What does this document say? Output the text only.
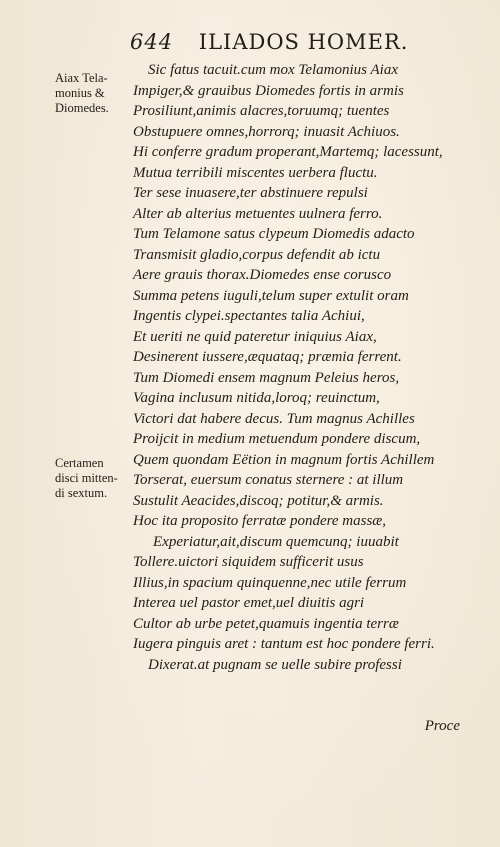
644 ILIADOS HOMER.
Aiax Tela-
monius &
Diomedes.
Certamen
disci mitten-
di sextum.
Sic fatus tacuit.cum mox Telamonius Aiax
Impiger,& grauibus Diomedes fortis in armis
Prosiliunt,animis alacres,toruumq; tuentes
Obstupuere omnes,horrorq; inuasit Achiuos.
Hi conferre gradum properant,Martemq; lacessunt,
Mutua terribili miscentes uerbera fluctu.
Ter sese inuasere,ter abstinuere repulsi
Alter ab alterius metuentes uulnera ferro.
Tum Telamone satus clypeum Diomedis adacto
Transmisit gladio,corpus defendit ab ictu
Aere grauis thorax.Diomedes ense corusco
Summa petens iuguli,telum super extulit oram
Ingentis clypei.spectantes talia Achiui,
Et ueriti ne quid pateretur iniquius Aiax,
Desinerent iussere,æquataq; præmia ferrent.
Tum Diomedi ensem magnum Peleius heros,
Vagina inclusum nitida,loroq; reuinctum,
Victori dat habere decus. Tum magnus Achilles
Proijcit in medium metuendum pondere discum,
Quem quondam Eëtion in magnum fortis Achillem
Torserat, euersum conatus sternere : at illum
Sustulit Aeacides,discoq; potitur,& armis.
Hoc ita proposito ferratæ pondere massæ,
Experiatur,ait,discum quemcunq; iuuabit
Tollere.uictori siquidem sufficerit usus
Illius,in spacium quinquenne,nec utile ferrum
Interea uel pastor emet,uel diuitis agri
Cultor ab urbe petet,quamuis ingentia terræ
Iugera pinguis aret : tantum est hoc pondere ferri.
Dixerat.at pugnam se uelle subire professi
Proce
